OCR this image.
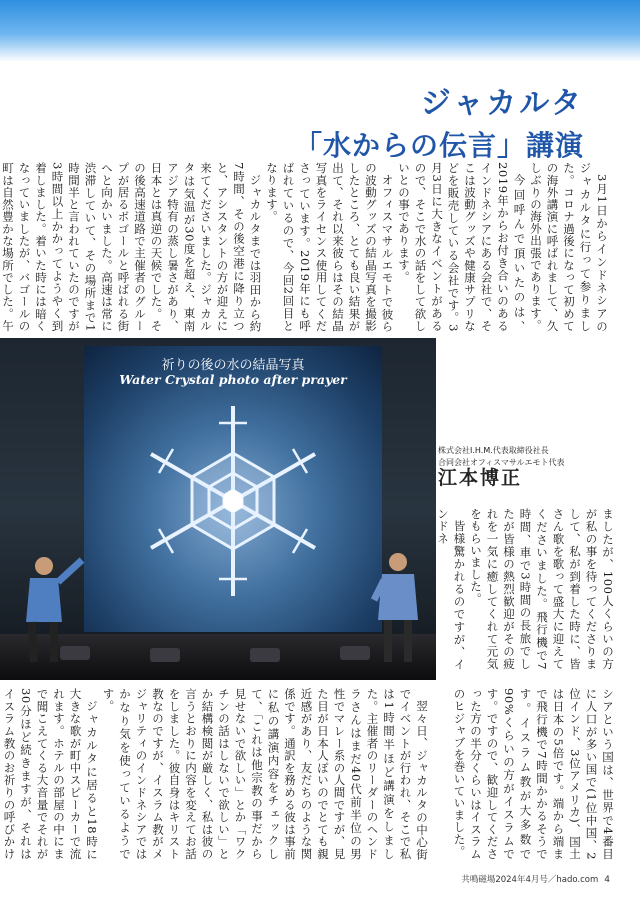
ジャカルタ
「水からの伝言」講演

3月1日からインドネシアのジャカルタに行って参りました。コロナ過後になって初めての海外講演に呼ばれまして、久しぶりの海外出張であります。

今回呼んで頂いたのは、2019年からお付き合いのあるインドネシアにある会社で、そこは波動グッズや健康サプリなどを販売している会社です。3月3日に大きなイベントがあるので、そこで水の話をして欲しいとの事であります。

オフィスマサルエモトで彼らの波動グッズの結晶写真を撮影したところ、とても良い結果が出て、それ以来彼らはその結晶写真をライセンス使用してくださっています。2019年にも呼ばれているので、今回2回目となります。

ジャカルタまでは羽田から約7時間、その後空港に降り立つと、アシスタントの方が迎えに来てくださいました。ジャカルタは気温が30度を超え、東南アジア特有の蒸し暑さがあり、日本とは真逆の天候でした。その後高速道路で主催者のグループが居るボゴールと呼ばれる街へと向かいました。高速は常に渋滞していて、その場所まで1時間半と言われていたのですが3時間以上かかってようやく到着しました。着いた時には暗くなっていましたが、バゴールの町は自然豊かな場所でした。午

祈りの後の水の結晶写真
Water Crystal photo after prayer
株式会社I.H.M.代表取締役社長
合同会社オフィスマサルエモト代表
江本博正

ましたが、100人くらいの方が私の事を待ってくださりまして、私が到着した時に、皆さん歌を歌って盛大に迎えてくださいました。飛行機で7時間、車で3時間の長旅でしたが皆様の熱烈歓迎がその疲れを一気に癒してくれて元気をもらいました。

皆様驚かれるのですが、インドネ

シアという国は、世界で4番目に人口が多い国で(1位中国、2位インド、3位アメリカ)、国土は日本の5倍です。端から端まで飛行機で7時間かかるそうです。イスラム教が大多数で90%くらいの方がイスラムです。ですので、歓迎してくださった方の半分くらいはイスラムのヒジャブを巻いていました。

翌々日、ジャカルタの中心街でイベントが行われ、そこで私は1時間半ほど講演をしました。主催者のリーダーのヘンドラさんはまだ40代前半位の男性でマレー系の人間ですが、見た目が日本人ぽいのでとても親近感があり、友だちのような関係です。通訳を務める彼は事前に私の講演内容をチェックして、「これは他宗教の事だから見せないで欲しい」とか「ワクチンの話はしないで欲しい」とか結構検閲が厳しく、私は彼の言うとおりに内容を変えてお話をしました。彼自身はキリスト教なのですが、イスラム教がメジャリティのインドネシアではかなり気を使っているようです。

ジャカルタに居ると18時に大きな歌が町中スピーカーで流れます。ホテルの部屋の中にまで聞こえてくる大音量でそれが30分ほど続きますが、それはイスラム教のお祈りの呼びかけ

共鳴磁場2024年4月号／hado.com 4
